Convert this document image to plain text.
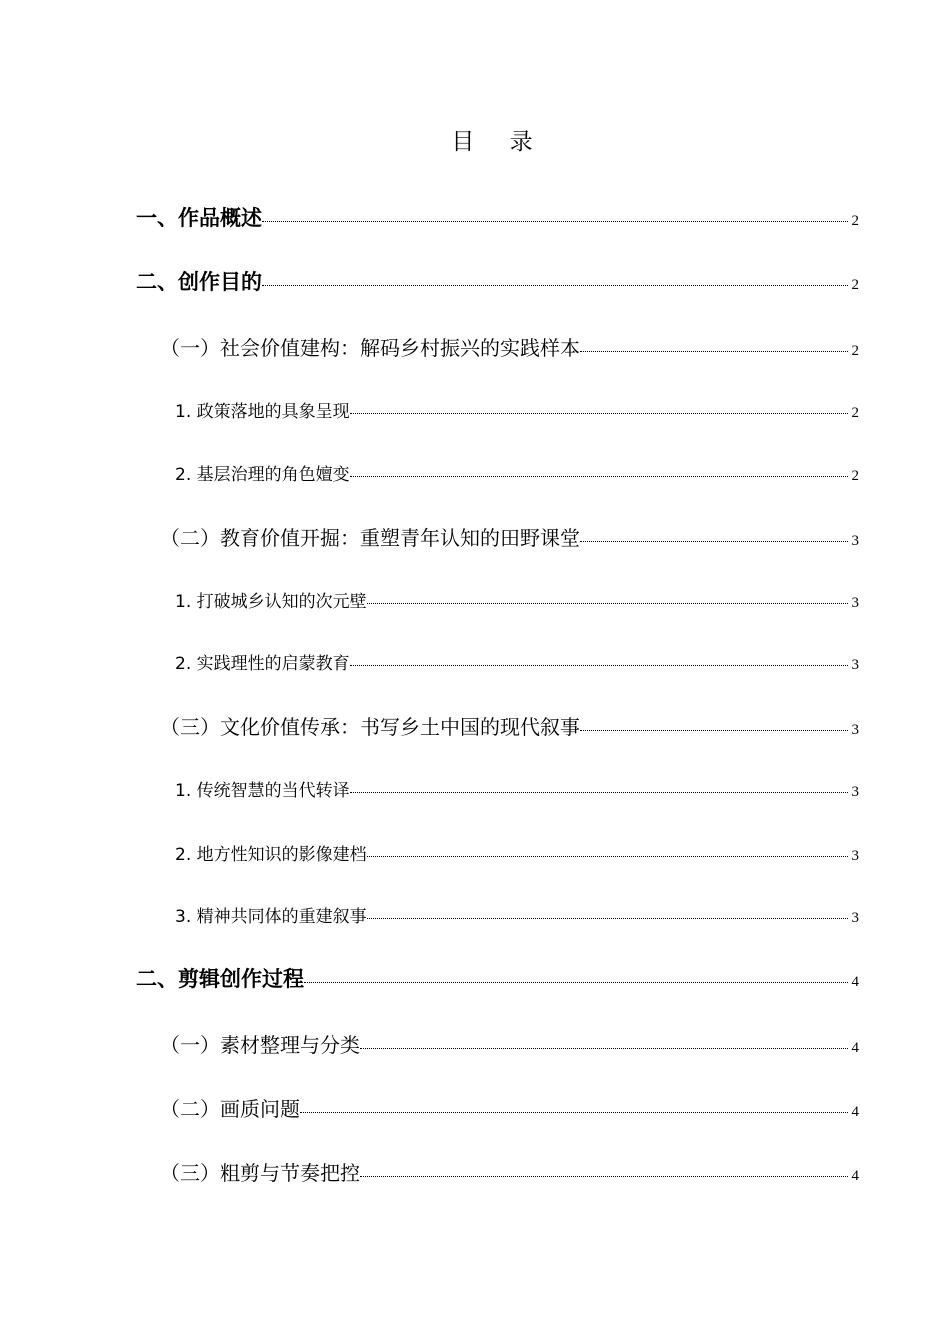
目 录
一、作品概述	2
二、创作目的	2
（一）社会价值建构：解码乡村振兴的实践样本	2
1. 政策落地的具象呈现	2
2. 基层治理的角色嬗变	2
（二）教育价值开掘：重塑青年认知的田野课堂	3
1. 打破城乡认知的次元壁	3
2. 实践理性的启蒙教育	3
（三）文化价值传承：书写乡土中国的现代叙事	3
1. 传统智慧的当代转译	3
2. 地方性知识的影像建档	3
3. 精神共同体的重建叙事	3
二、剪辑创作过程	4
（一）素材整理与分类	4
（二）画质问题	4
（三）粗剪与节奏把控	4
